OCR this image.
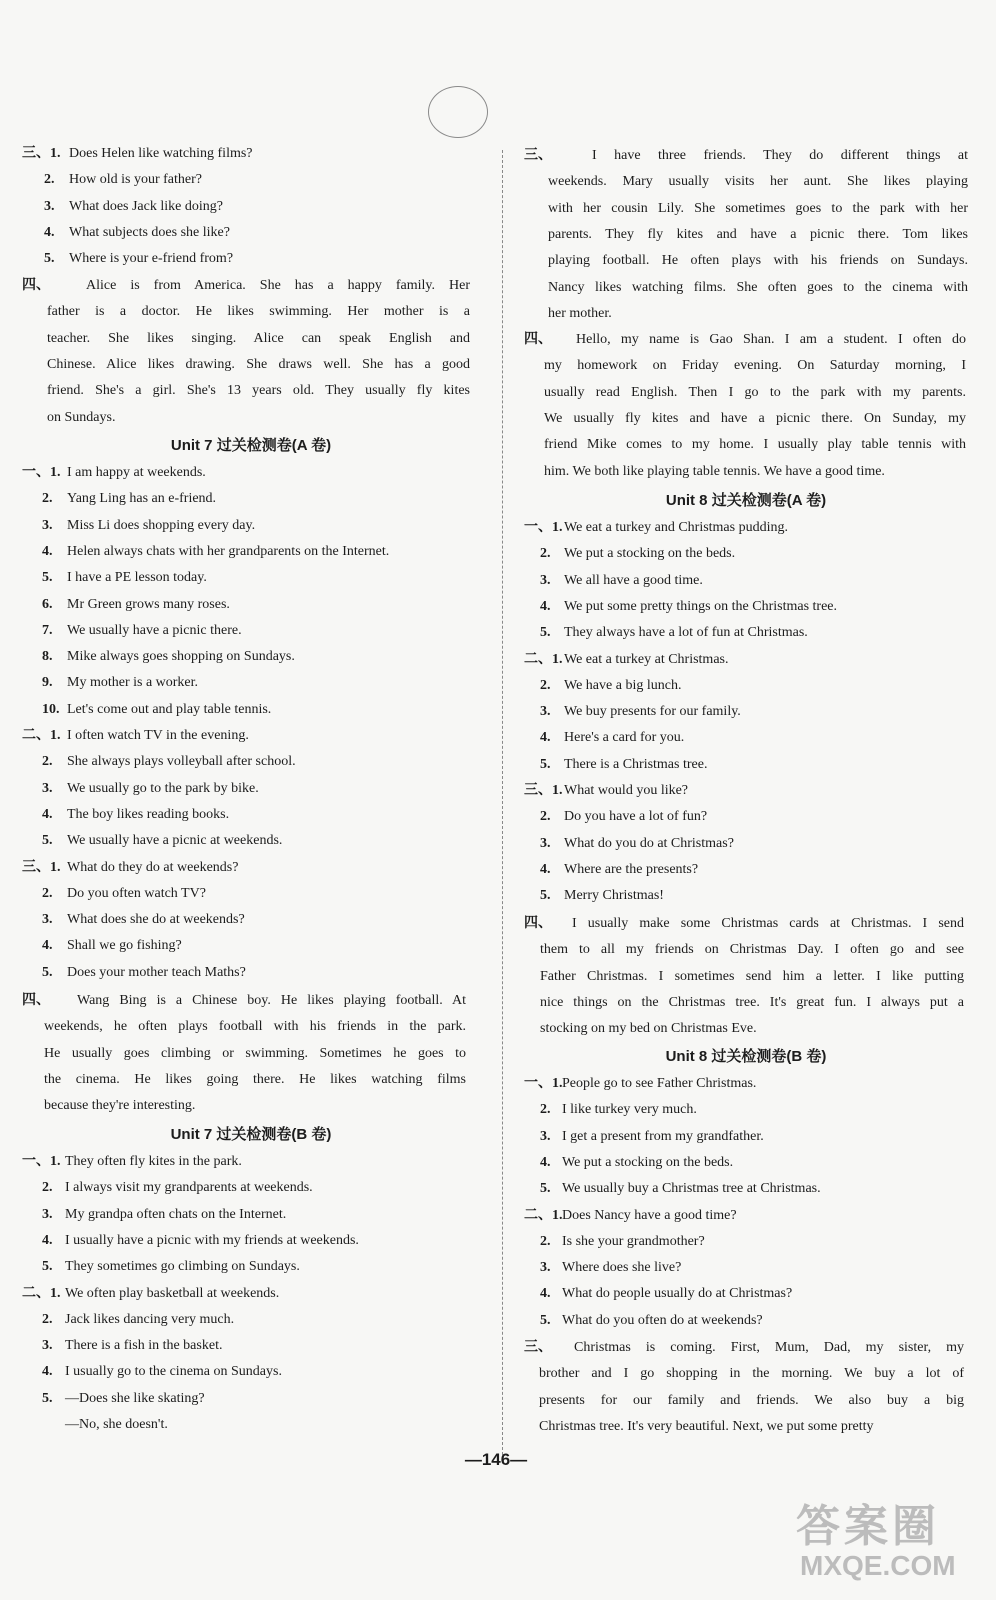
三、1. Does Helen like watching films?
2. How old is your father?
3. What does Jack like doing?
4. What subjects does she like?
5. Where is your e-friend from?
四、	Alice is from America. She has a happy family. Her
father is a doctor. He likes swimming. Her mother is a
teacher. She likes singing. Alice can speak English and
Chinese. Alice likes drawing. She draws well. She has a good
friend. She's a girl. She's 13 years old. They usually fly kites
on Sundays.
Unit 7 过关检测卷(A 卷)
一、1. I am happy at weekends.
2. Yang Ling has an e-friend.
3. Miss Li does shopping every day.
4. Helen always chats with her grandparents on the Internet.
5. I have a PE lesson today.
6. Mr Green grows many roses.
7. We usually have a picnic there.
8. Mike always goes shopping on Sundays.
9. My mother is a worker.
10. Let's come out and play table tennis.
二、1. I often watch TV in the evening.
2. She always plays volleyball after school.
3. We usually go to the park by bike.
4. The boy likes reading books.
5. We usually have a picnic at weekends.
三、1. What do they do at weekends?
2. Do you often watch TV?
3. What does she do at weekends?
4. Shall we go fishing?
5. Does your mother teach Maths?
四、 Wang Bing is a Chinese boy. He likes playing football. At
weekends, he often plays football with his friends in the park.
He usually goes climbing or swimming. Sometimes he goes to
the cinema. He likes going there. He likes watching films
because they're interesting.
Unit 7 过关检测卷(B 卷)
一、1. They often fly kites in the park.
2. I always visit my grandparents at weekends.
3. My grandpa often chats on the Internet.
4. I usually have a picnic with my friends at weekends.
5. They sometimes go climbing on Sundays.
二、1. We often play basketball at weekends.
2. Jack likes dancing very much.
3. There is a fish in the basket.
4. I usually go to the cinema on Sundays.
5. —Does she like skating?
—No, she doesn't.
三、	I have three friends. They do different things at
weekends. Mary usually visits her aunt. She likes playing
with her cousin Lily. She sometimes goes to the park with her
parents. They fly kites and have a picnic there. Tom likes
playing football. He often plays with his friends on Sundays.
Nancy likes watching films. She often goes to the cinema with
her mother.
四、 Hello, my name is Gao Shan. I am a student. I often do
my homework on Friday evening. On Saturday morning, I
usually read English. Then I go to the park with my parents.
We usually fly kites and have a picnic there. On Sunday, my
friend Mike comes to my home. I usually play table tennis with
him. We both like playing table tennis. We have a good time.
Unit 8 过关检测卷(A 卷)
一、1. We eat a turkey and Christmas pudding.
2. We put a stocking on the beds.
3. We all have a good time.
4. We put some pretty things on the Christmas tree.
5. They always have a lot of fun at Christmas.
二、1. We eat a turkey at Christmas.
2. We have a big lunch.
3. We buy presents for our family.
4. Here's a card for you.
5. There is a Christmas tree.
三、1. What would you like?
2. Do you have a lot of fun?
3. What do you do at Christmas?
4. Where are the presents?
5. Merry Christmas!
四、 I usually make some Christmas cards at Christmas. I send
them to all my friends on Christmas Day. I often go and see
Father Christmas. I sometimes send him a letter. I like putting
nice things on the Christmas tree. It's great fun. I always put a
stocking on my bed on Christmas Eve.
Unit 8 过关检测卷(B 卷)
一、1. People go to see Father Christmas.
2. I like turkey very much.
3. I get a present from my grandfather.
4. We put a stocking on the beds.
5. We usually buy a Christmas tree at Christmas.
二、1. Does Nancy have a good time?
2. Is she your grandmother?
3. Where does she live?
4. What do people usually do at Christmas?
5. What do you often do at weekends?
三、 Christmas is coming. First, Mum, Dad, my sister, my
brother and I go shopping in the morning. We buy a lot of
presents for our family and friends. We also buy a big
Christmas tree. It's very beautiful. Next, we put some pretty
—146—
答案圈
MXQE.COM
